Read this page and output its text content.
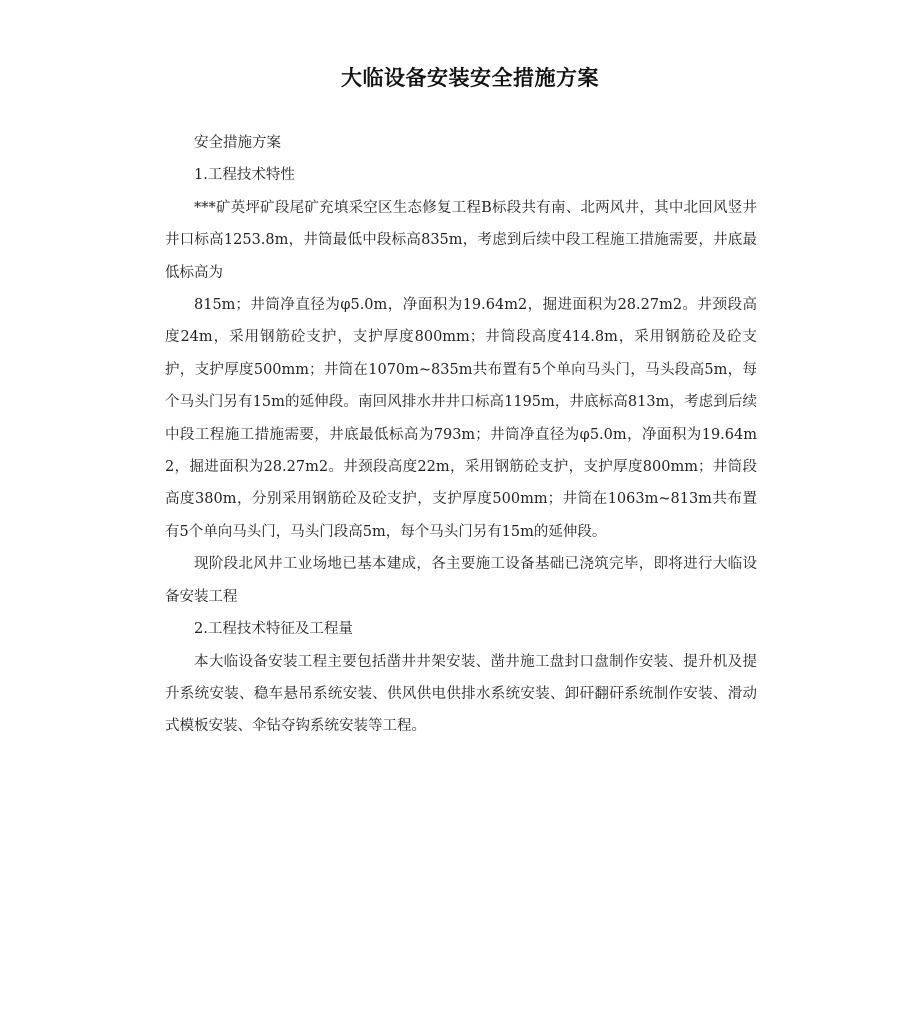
大临设备安装安全措施方案

安全措施方案

1.工程技术特性

***矿英坪矿段尾矿充填采空区生态修复工程B标段共有南、北两风井，其中北回风竖井井口标高1253.8m，井筒最低中段标高835m，考虑到后续中段工程施工措施需要，井底最低标高为

815m；井筒净直径为φ5.0m，净面积为19.64m2，掘进面积为28.27m2。井颈段高度24m，采用钢筋砼支护，支护厚度800mm；井筒段高度414.8m，采用钢筋砼及砼支护，支护厚度500mm；井筒在1070m~835m共布置有5个单向马头门，马头段高5m，每个马头门另有15m的延伸段。南回风排水井井口标高1195m，井底标高813m，考虑到后续中段工程施工措施需要，井底最低标高为793m；井筒净直径为φ5.0m，净面积为19.64m2，掘进面积为28.27m2。井颈段高度22m，采用钢筋砼支护，支护厚度800mm；井筒段高度380m，分别采用钢筋砼及砼支护，支护厚度500mm；井筒在1063m~813m共布置有5个单向马头门，马头门段高5m，每个马头门另有15m的延伸段。

现阶段北风井工业场地已基本建成，各主要施工设备基础已浇筑完毕，即将进行大临设备安装工程

2.工程技术特征及工程量

本大临设备安装工程主要包括凿井井架安装、凿井施工盘封口盘制作安装、提升机及提升系统安装、稳车悬吊系统安装、供风供电供排水系统安装、卸矸翻矸系统制作安装、滑动式模板安装、伞钻夺钩系统安装等工程。
